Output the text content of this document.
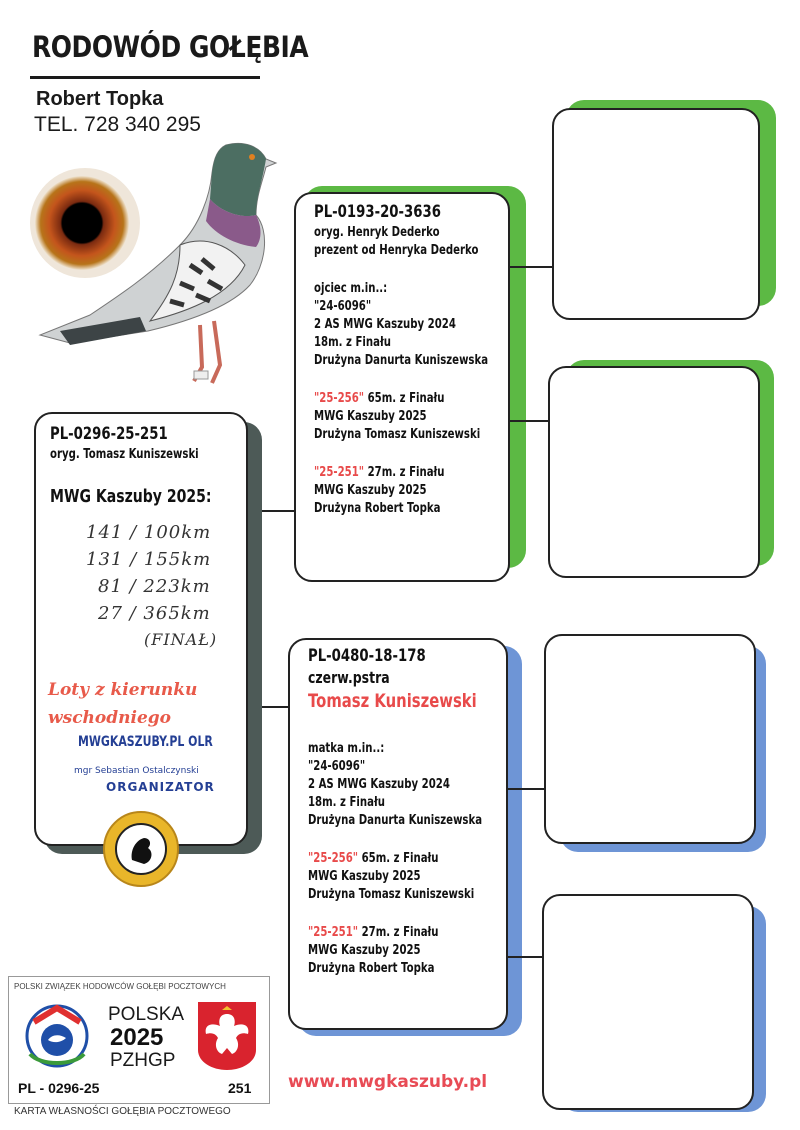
RODOWÓD GOŁĘBIA
Robert Topka
TEL. 728 340 295
PL-0296-25-251
oryg. Tomasz Kuniszewski
MWG Kaszuby 2025:
141 / 100km
131 / 155km
81 / 223km
27 / 365km
(FINAŁ)
Loty z kierunku
wschodniego
MWGKASZUBY.PL OLR
mgr Sebastian Ostalczynski
ORGANIZATOR
PL-0193-20-3636
oryg. Henryk Dederko
prezent od Henryka Dederko
ojciec m.in..:
"24-6096"
2 AS MWG Kaszuby 2024
18m. z Finału
Drużyna Danurta Kuniszewska
"25-256" 65m. z Finału
MWG Kaszuby 2025
Drużyna Tomasz Kuniszewski
"25-251" 27m. z Finału
MWG Kaszuby 2025
Drużyna Robert Topka
PL-0480-18-178
czerw.pstra
Tomasz Kuniszewski
matka m.in..:
"24-6096"
2 AS MWG Kaszuby 2024
18m. z Finału
Drużyna Danurta Kuniszewska
"25-256" 65m. z Finału
MWG Kaszuby 2025
Drużyna Tomasz Kuniszewski
"25-251" 27m. z Finału
MWG Kaszuby 2025
Drużyna Robert Topka
POLSKI ZWIĄZEK HODOWCÓW GOŁĘBI POCZTOWYCH
POLSKA
2025
PZHGP
PL - 0296-25	251
KARTA WŁASNOŚCI GOŁĘBIA POCZTOWEGO
www.mwgkaszuby.pl
